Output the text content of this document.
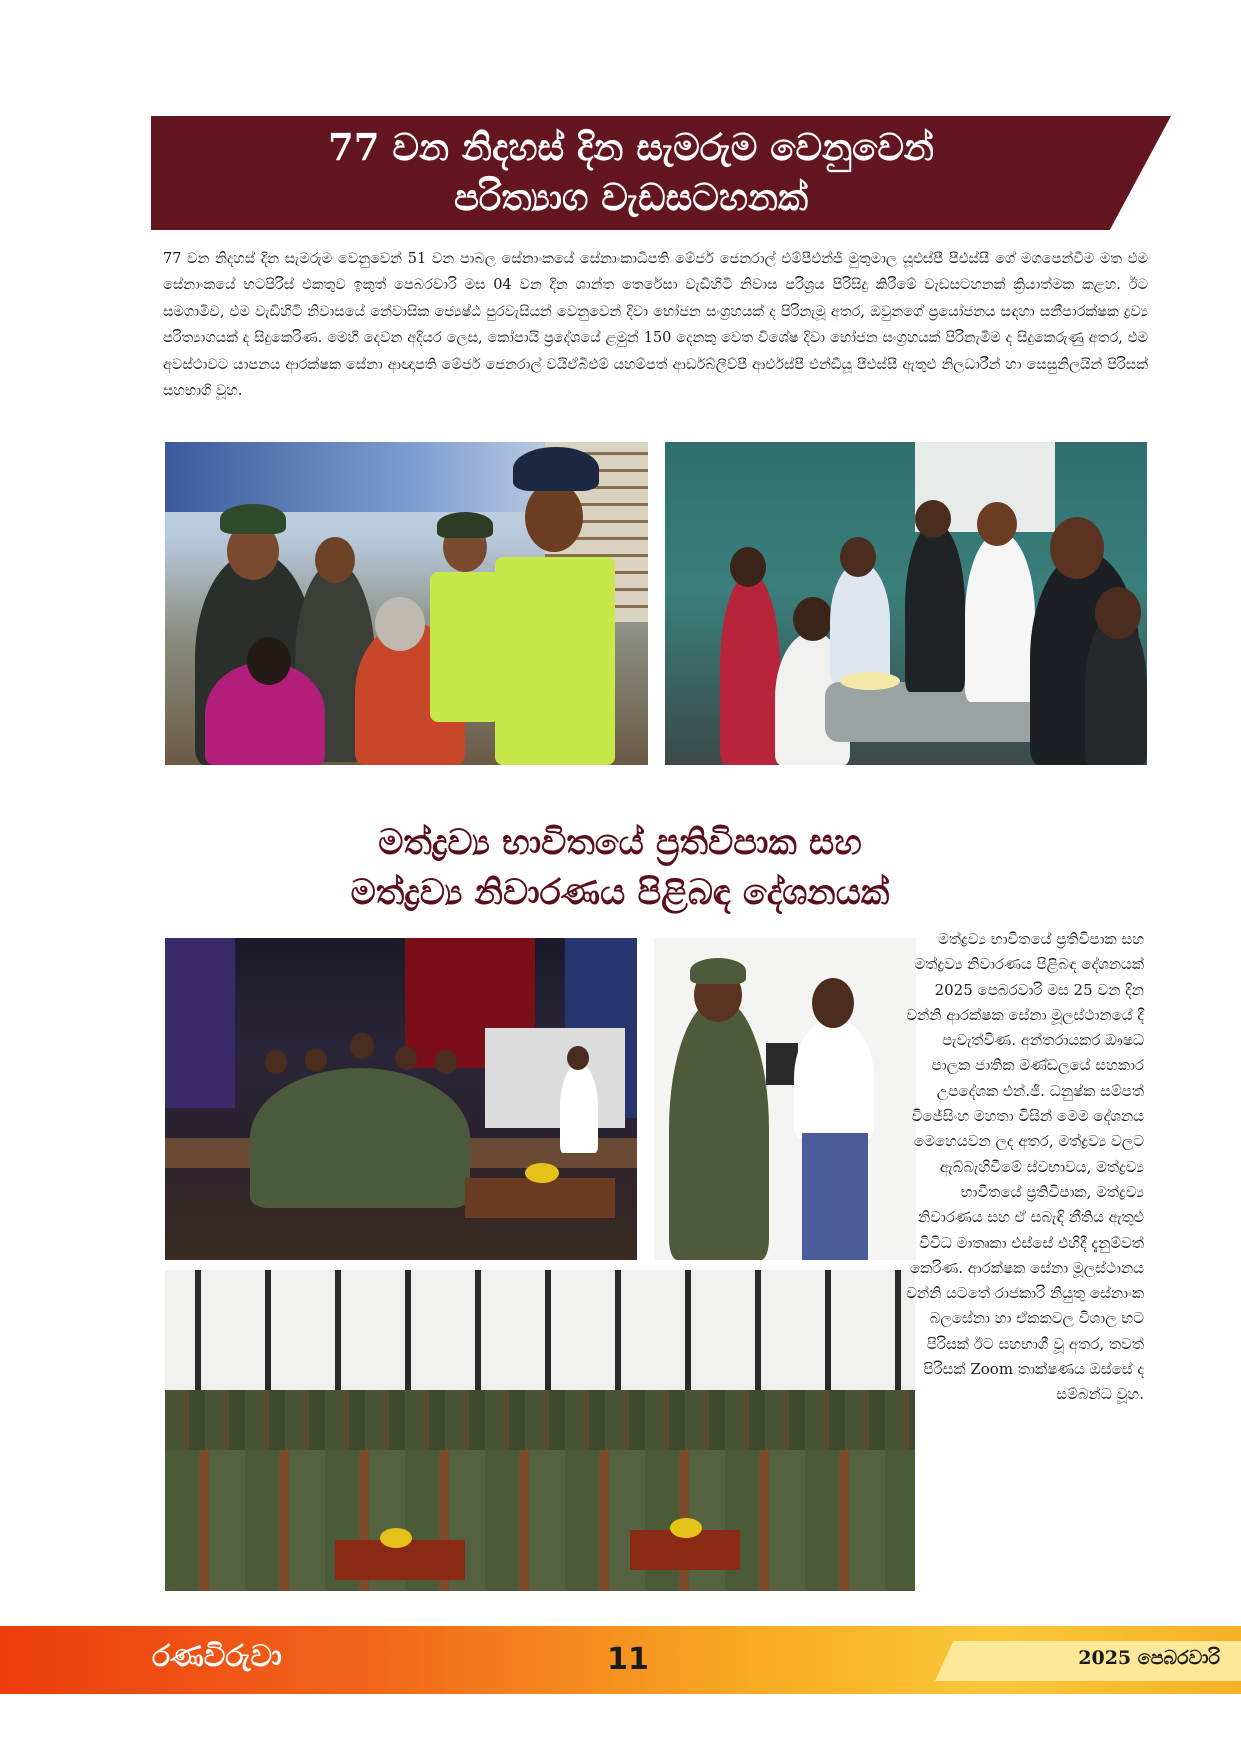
77 වන නිදහස් දින සැමරුම වෙනුවෙන්
පරිත්‍යාග වැඩසටහනක්
77 වන නිදහස් දින සැමරුම වෙනුවෙන් 51 වන පාබල සේනාංකයේ සේනාංකාධිපති මේජර් ජෙනරාල් එම්පීඑන්ජී මුතුමාල යූඑස්පී පීඑස්සී ගේ මගපෙන්වීම මත එම සේනාංකයේ භටපිරිස් එකතුව ඉකුත් පෙබරවාරි මස 04 වන දින ශාන්ත තෙරේසා වැඩිහිටි නිවාස පරිශ්‍රය පිරිසිදු කිරීමේ වැඩසටහනක් ක්‍රියාත්මක කළහ. ඊට සමගාමීව, එම වැඩිහිටි නිවාසයේ නේවාසික ජ්‍යෙෂ්ඨ පුරවැසියන් වෙනුවෙන් දිවා භෝජන සංග්‍රහයක් ද පිරිනැමූ අතර, ඔවුනගේ ප්‍රයෝජනය සඳහා සනීපාරක්ෂක ද්‍රව්‍ය පරිත්‍යාගයක් ද සිදුකෙරිණ. මෙහි දෙවන අදියර ලෙස, කෝපායි ප්‍රදේශයේ ළමුන් 150 දෙනකු වෙත විශේෂ දිවා භෝජන සංග්‍රහයක් පිරිනැමීම ද සිදුකෙරුණු අතර, එම අවස්ථාවට යාපනය ආරක්ෂක සේනා ආඥාපති මේජර් ජෙනරාල් වයිඒබීඑම් යහම්පත් ආර්ඩබ්ලිව්පී ආර්එස්පී එන්ඩීයූ පීඑස්සී ඇතුළු නිලධාරීන් හා සෙසුනිලයින් පිරිසක් සහභාගි වූහ.
මත්ද්‍රව්‍ය භාවිතයේ ප්‍රතිවිපාක සහ
මත්ද්‍රව්‍ය නිවාරණය පිළිබඳ දේශනයක්
මත්ද්‍රව්‍ය භාවිතයේ ප්‍රතිවිපාක සහ මත්ද්‍රව්‍ය නිවාරණය පිළිබඳ දේශනයක් 2025 පෙබරවාරි මස 25 වන දින වන්නි ආරක්ෂක සේනා මූලස්ථානයේ දී පැවැත්විණ. අන්තරායකර ඖෂධ පාලක ජාතික මණ්ඩලයේ සහකාර උපදේශක එන්.ජී. ධනුෂ්ක සම්පත් විජේසිංහ මහතා විසින් මෙම දේශනය මෙහෙයවන ලද අතර, මත්ද්‍රව්‍ය වලට ඇබ්බැහිවීමේ ස්වභාවය, මත්ද්‍රව්‍ය භාවිතයේ ප්‍රතිවිපාක, මත්ද්‍රව්‍ය නිවාරණය සහ ඒ සබැඳි නීතිය ඇතුළු විවිධ මාතෘකා එස්සේ එහිදී දැනුම්වත් කෙරිණ. ආරක්ෂක සේනා මූලස්ථානය වන්නි යටතේ රාජකාරි නියුතු සේනාංක බලසේනා හා ඒකකවල විශාල භට පිරිසක් ඊට සහභාගී වූ අතර, තවත් පිරිසක් Zoom තාක්ෂණය ඔස්සේ ද සම්බන්ධ වූහ.
රණවිරුවා	11	2025 පෙබරවාරි
